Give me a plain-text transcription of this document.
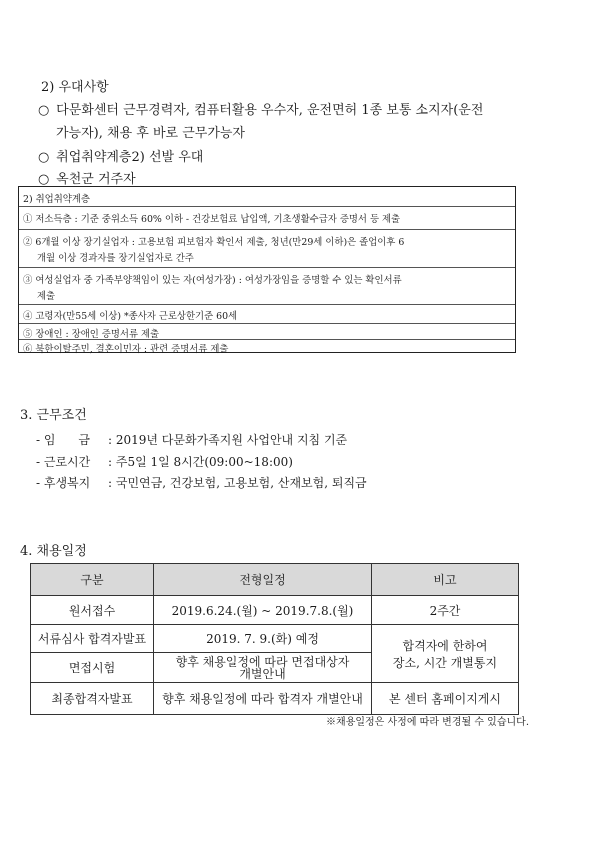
2) 우대사항
○ 다문화센터 근무경력자, 컴퓨터활용 우수자, 운전면허 1종 보통 소지자(운전
가능자), 채용 후 바로 근무가능자
○ 취업취약계층2) 선발 우대
○ 옥천군 거주자
2) 취업취약계층
① 저소득층 : 기준 중위소득 60% 이하 - 건강보험료 납입액, 기초생활수급자 증명서 등 제출
② 6개월 이상 장기실업자 : 고용보험 피보험자 확인서 제출, 청년(만29세 이하)은 졸업이후 6
개월 이상 경과자를 장기실업자로 간주
③ 여성실업자 중 가족부양책임이 있는 자(여성가장) : 여성가장임을 증명할 수 있는 확인서류
제출
④ 고령자(만55세 이상) *종사자 근로상한기준 60세
⑤ 장애인 : 장애인 증명서류 제출
⑥ 북한이탈주민, 결혼이민자 : 관련 증명서류 제출
3. 근무조건
- 임      금 : 2019년 다문화가족지원 사업안내 지침 기준
- 근로시간 : 주5일 1일 8시간(09:00~18:00)
- 후생복지 : 국민연금, 건강보험, 고용보험, 산재보험, 퇴직금
4. 채용일정
구분	전형일정	비고
원서접수	2019.6.24.(월) ~ 2019.7.8.(월)	2주간
서류심사 합격자발표	2019. 7. 9.(화) 예정	합격자에 한하여
장소, 시간 개별통지

면접시험	향후 채용일정에 따라 면접대상자
개별안내	

최종합격자발표	향후 채용일정에 따라 합격자 개별안내	본 센터 홈페이지게시
※채용일정은 사정에 따라 변경될 수 있습니다.
